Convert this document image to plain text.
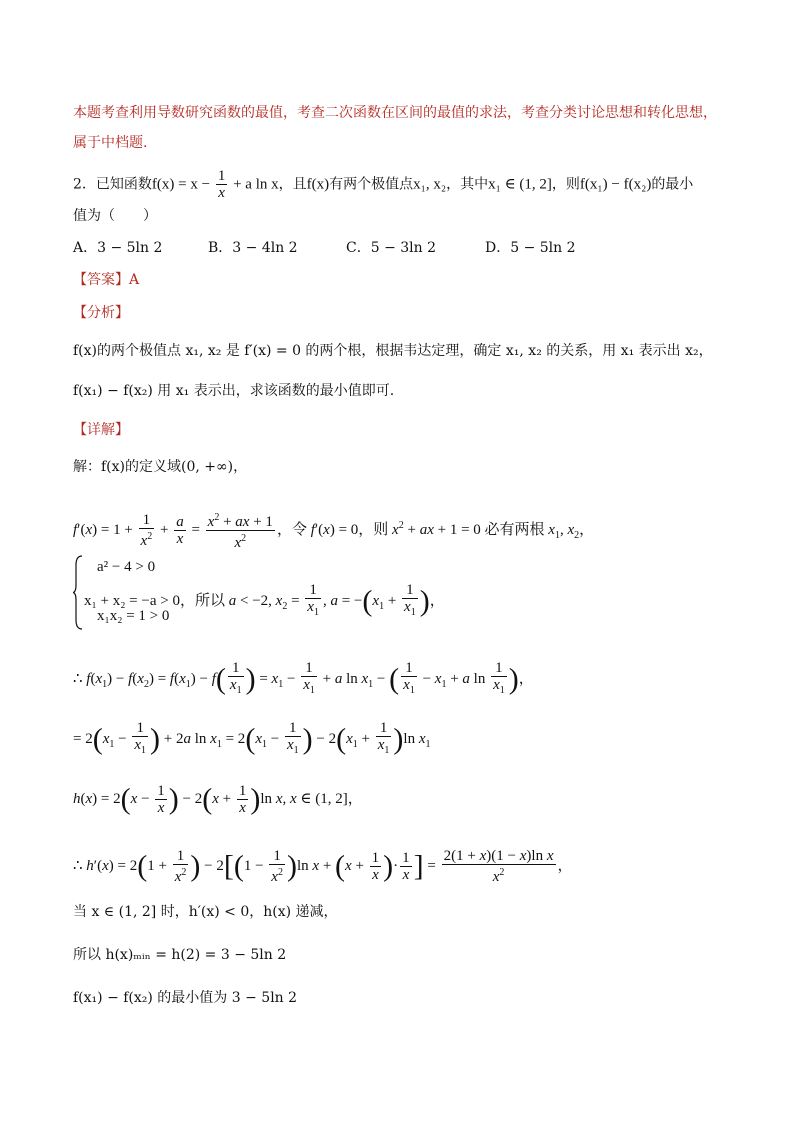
本题考查利用导数研究函数的最值，考查二次函数在区间的最值的求法，考查分类讨论思想和转化思想，
属于中档题.
2．已知函数$f(x) = x - \frac{1}{x} + a$ ln x，且f(x)有两个极值点x₁, x₂，其中x₁ ∈ (1, 2]，则f(x₁) − f(x₂)的最小
值为（　　）
A．3 − 5ln 2	B．3 − 4ln 2	C．5 − 3ln 2	D．5 − 5ln 2
【答案】A
【分析】
f(x)的两个极值点 x₁, x₂ 是 f′(x) = 0 的两个根，根据韦达定理，确定 x₁, x₂ 的关系，用 x₁ 表示出 x₂，
f(x₁) − f(x₂) 用 x₁ 表示出，求该函数的最小值即可.
【详解】
解：f(x)的定义域(0, +∞)，
$f'(x) = 1 + \frac{1}{x^2} + \frac{a}{x} = \frac{x^2 + ax + 1}{x^2}$ ，令 f′(x) = 0，则 $x^2$ + ax + 1 = 0 必有两根 $x_1$, $x_2$，
a² − 4 > 0
x₁ + x₂ = −a > 0，所以 a < −2, $x_2 = \frac{1}{x_1}$ , $a = -(x_1 + \frac{1}{x_1}$ )，
x₁x₂ = 1 > 0
∴ $f(x_1) - f(x_2) = f(x_1) - f( \frac{1}{x_1}$ ) = $x_1 - \frac{1}{x_1} + a$ $\ln x_1$ − ( $\frac{1}{x_1} - x_1 + a$ $\ln \frac{1}{x_1}$ )，
= $2(x_1 - \frac{1}{x_1}$ ) + 2a $\ln x_1 = 2(x_1 - \frac{1}{x_1}$ ) − $2(x_1 + \frac{1}{x_1} )\ln$ $x_1$
$h(x) = 2(x - \frac{1}{x}$ ) − $2(x + \frac{1}{x} )\ln$ x, x ∈ (1, 2]，
∴ $h'(x) = 2(1 + \frac{1}{x^2}$ ) − $2[(1 - \frac{1}{x^2} )\ln$ $x + (x + \frac{1}{x}$ )· $\frac{1}{x}$ ] = $\frac{\text{2(1 + x)(1 − x)ln x}}{x^2}$ ，
当 x ∈ (1, 2] 时，h′(x) < 0，h(x) 递减，
所以 h(x)ₘᵢₙ = h(2) = 3 − 5ln 2
f(x₁) − f(x₂) 的最小值为 3 − 5ln 2
